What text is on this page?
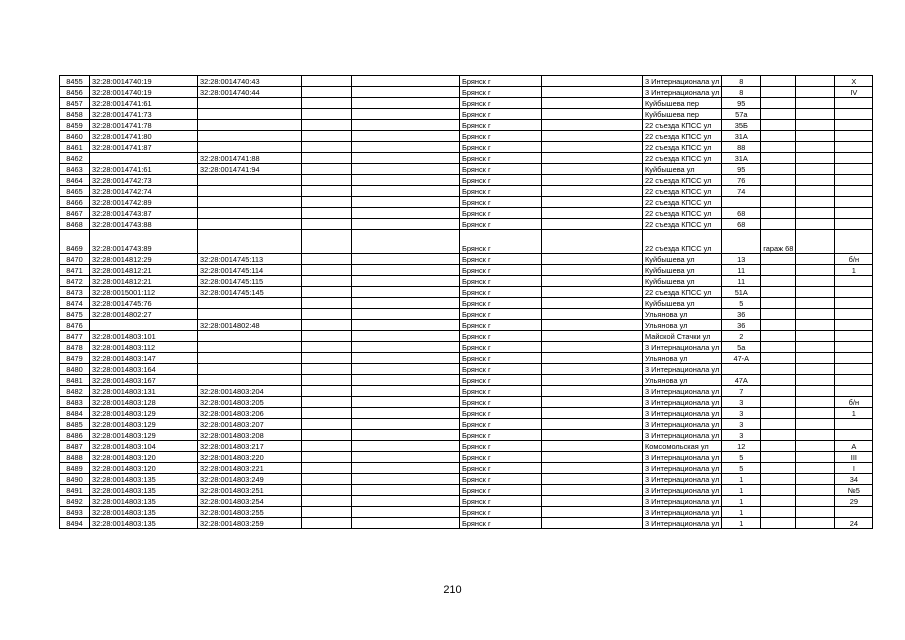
8455	32:28:0014740:19	32:28:0014740:43			Брянск г		3 Интернационала ул	8			X
8456	32:28:0014740:19	32:28:0014740:44			Брянск г		3 Интернационала ул	8			IV
8457	32:28:0014741:61				Брянск г		Куйбышева пер	95			
8458	32:28:0014741:73				Брянск г		Куйбышева пер	57а			
8459	32:28:0014741:78				Брянск г		22 съезда КПСС ул	35Б			
8460	32:28:0014741:80				Брянск г		22 съезда КПСС ул	31А			
8461	32:28:0014741:87				Брянск г		22 съезда КПСС ул	88			
8462		32:28:0014741:88			Брянск г		22 съезда КПСС ул	31А			
8463	32:28:0014741:61	32:28:0014741:94			Брянск г		Куйбышева ул	95			
8464	32:28:0014742:73				Брянск г		22 съезда КПСС ул	76			
8465	32:28:0014742:74				Брянск г		22 съезда КПСС ул	74			
8466	32:28:0014742:89				Брянск г		22 съезда КПСС ул				
8467	32:28:0014743:87				Брянск г		22 съезда КПСС ул	68			
8468	32:28:0014743:88				Брянск г		22 съезда КПСС ул	68			
8469	32:28:0014743:89				Брянск г		22 съезда КПСС ул		гараж 68		
8470	32:28:0014812:29	32:28:0014745:113			Брянск г		Куйбышева ул	13			б/н
8471	32:28:0014812:21	32:28:0014745:114			Брянск г		Куйбышева ул	11			1
8472	32:28:0014812:21	32:28:0014745:115			Брянск г		Куйбышева ул	11			
8473	32:28:0015001:112	32:28:0014745:145			Брянск г		22 съезда КПСС ул	51А			
8474	32:28:0014745:76				Брянск г		Куйбышева ул	5			
8475	32:28:0014802:27				Брянск г		Ульянова ул	36			
8476		32:28:0014802:48			Брянск г		Ульянова ул	36			
8477	32:28:0014803:101				Брянск г		Майской Стачки ул	2			
8478	32:28:0014803:112				Брянск г		3 Интернационала ул	5а			
8479	32:28:0014803:147				Брянск г		Ульянова ул	47-А			
8480	32:28:0014803:164				Брянск г		3 Интернационала ул				
8481	32:28:0014803:167				Брянск г		Ульянова ул	47А			
8482	32:28:0014803:131	32:28:0014803:204			Брянск г		3 Интернационала ул	7			
8483	32:28:0014803:128	32:28:0014803:205			Брянск г		3 Интернационала ул	3			б/н
8484	32:28:0014803:129	32:28:0014803:206			Брянск г		3 Интернационала ул	3			1
8485	32:28:0014803:129	32:28:0014803:207			Брянск г		3 Интернационала ул	3			
8486	32:28:0014803:129	32:28:0014803:208			Брянск г		3 Интернационала ул	3			
8487	32:28:0014803:104	32:28:0014803:217			Брянск г		Комсомольская ул	12			А
8488	32:28:0014803:120	32:28:0014803:220			Брянск г		3 Интернационала ул	5			III
8489	32:28:0014803:120	32:28:0014803:221			Брянск г		3 Интернационала ул	5			I
8490	32:28:0014803:135	32:28:0014803:249			Брянск г		3 Интернационала ул	1			34
8491	32:28:0014803:135	32:28:0014803:251			Брянск г		3 Интернационала ул	1			№5
8492	32:28:0014803:135	32:28:0014803:254			Брянск г		3 Интернационала ул	1			29
8493	32:28:0014803:135	32:28:0014803:255			Брянск г		3 Интернационала ул	1			
8494	32:28:0014803:135	32:28:0014803:259			Брянск г		3 Интернационала ул	1			24
210
